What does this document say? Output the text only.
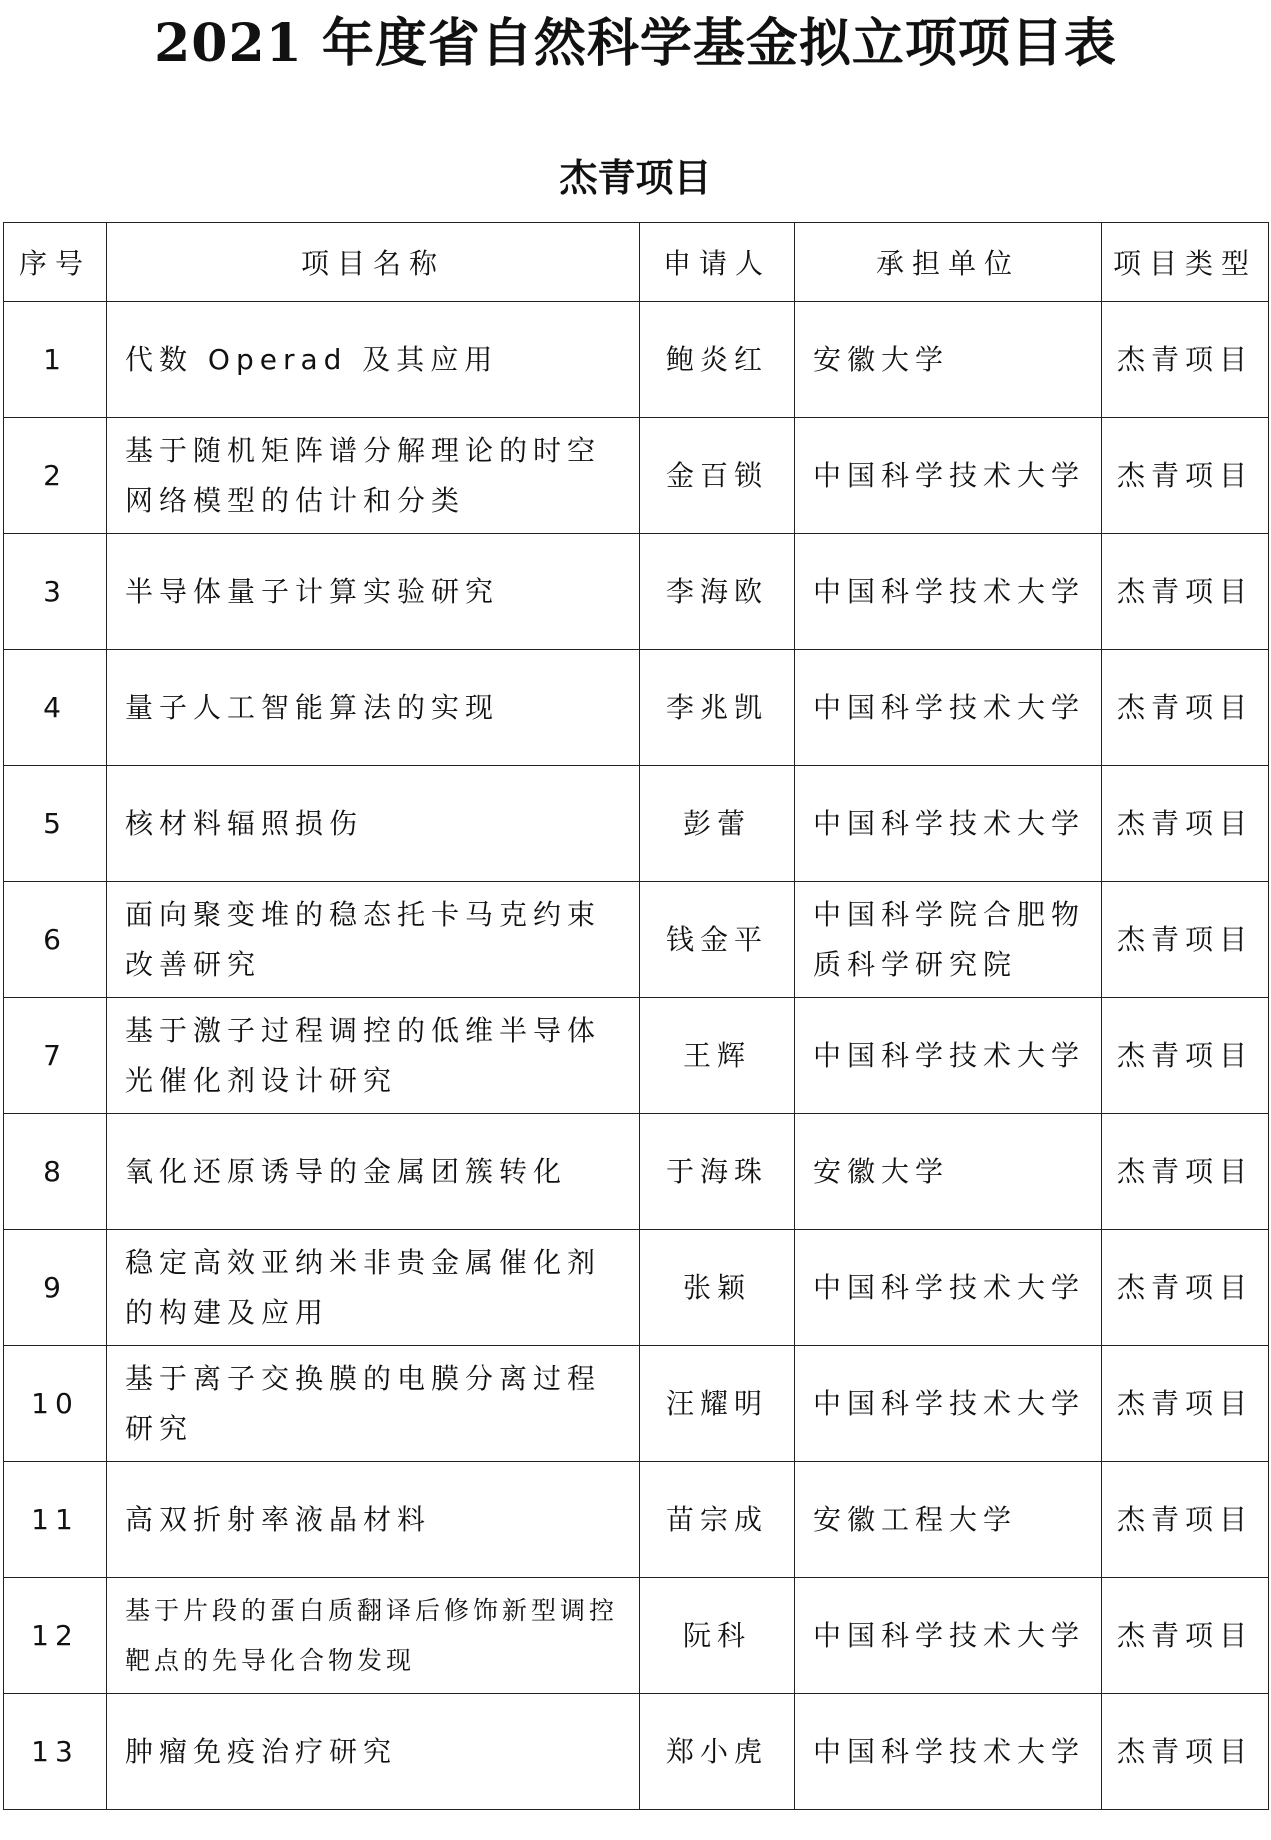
2021 年度省自然科学基金拟立项项目表
杰青项目
序号	项目名称	申请人	承担单位	项目类型
1	代数 Operad 及其应用	鲍炎红	安徽大学	杰青项目
2	基于随机矩阵谱分解理论的时空网络模型的估计和分类	金百锁	中国科学技术大学	杰青项目
3	半导体量子计算实验研究	李海欧	中国科学技术大学	杰青项目
4	量子人工智能算法的实现	李兆凯	中国科学技术大学	杰青项目
5	核材料辐照损伤	彭蕾	中国科学技术大学	杰青项目
6	面向聚变堆的稳态托卡马克约束改善研究	钱金平	中国科学院合肥物质科学研究院	杰青项目
7	基于激子过程调控的低维半导体光催化剂设计研究	王辉	中国科学技术大学	杰青项目
8	氧化还原诱导的金属团簇转化	于海珠	安徽大学	杰青项目
9	稳定高效亚纳米非贵金属催化剂的构建及应用	张颖	中国科学技术大学	杰青项目
10	基于离子交换膜的电膜分离过程研究	汪耀明	中国科学技术大学	杰青项目
11	高双折射率液晶材料	苗宗成	安徽工程大学	杰青项目
12	基于片段的蛋白质翻译后修饰新型调控靶点的先导化合物发现	阮科	中国科学技术大学	杰青项目
13	肿瘤免疫治疗研究	郑小虎	中国科学技术大学	杰青项目
